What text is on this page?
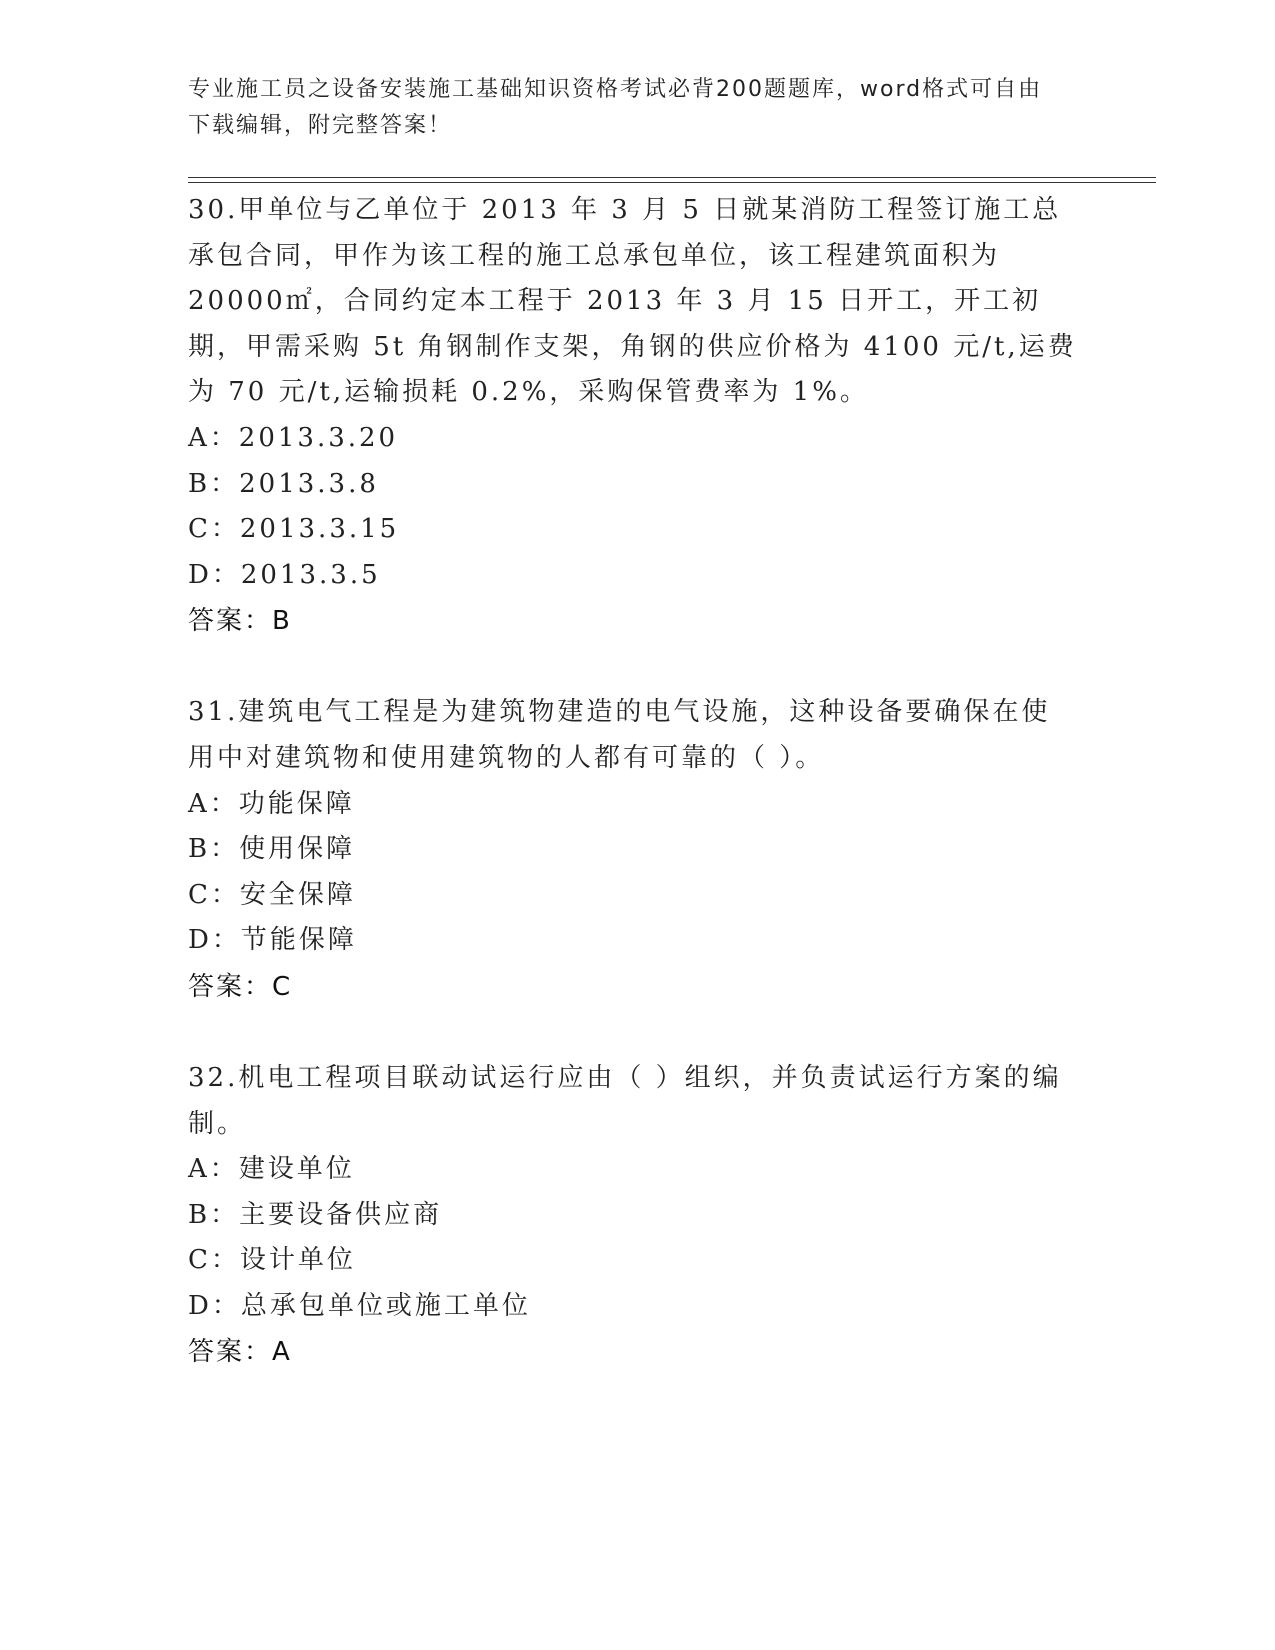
专业施工员之设备安装施工基础知识资格考试必背200题题库，word格式可自由
下载编辑，附完整答案！

30.甲单位与乙单位于 2013 年 3 月 5 日就某消防工程签订施工总承包合同，甲作为该工程的施工总承包单位，该工程建筑面积为 20000㎡，合同约定本工程于 2013 年 3 月 15 日开工，开工初期，甲需采购 5t 角钢制作支架，角钢的供应价格为 4100 元/t,运费为 70 元/t,运输损耗 0.2%，采购保管费率为 1%。

A：2013.3.20
B：2013.3.8
C：2013.3.15
D：2013.3.5
答案：B

31.建筑电气工程是为建筑物建造的电气设施，这种设备要确保在使用中对建筑物和使用建筑物的人都有可靠的（ ）。

A：功能保障
B：使用保障
C：安全保障
D：节能保障
答案：C

32.机电工程项目联动试运行应由（ ）组织，并负责试运行方案的编制。

A：建设单位
B：主要设备供应商
C：设计单位
D：总承包单位或施工单位
答案：A
